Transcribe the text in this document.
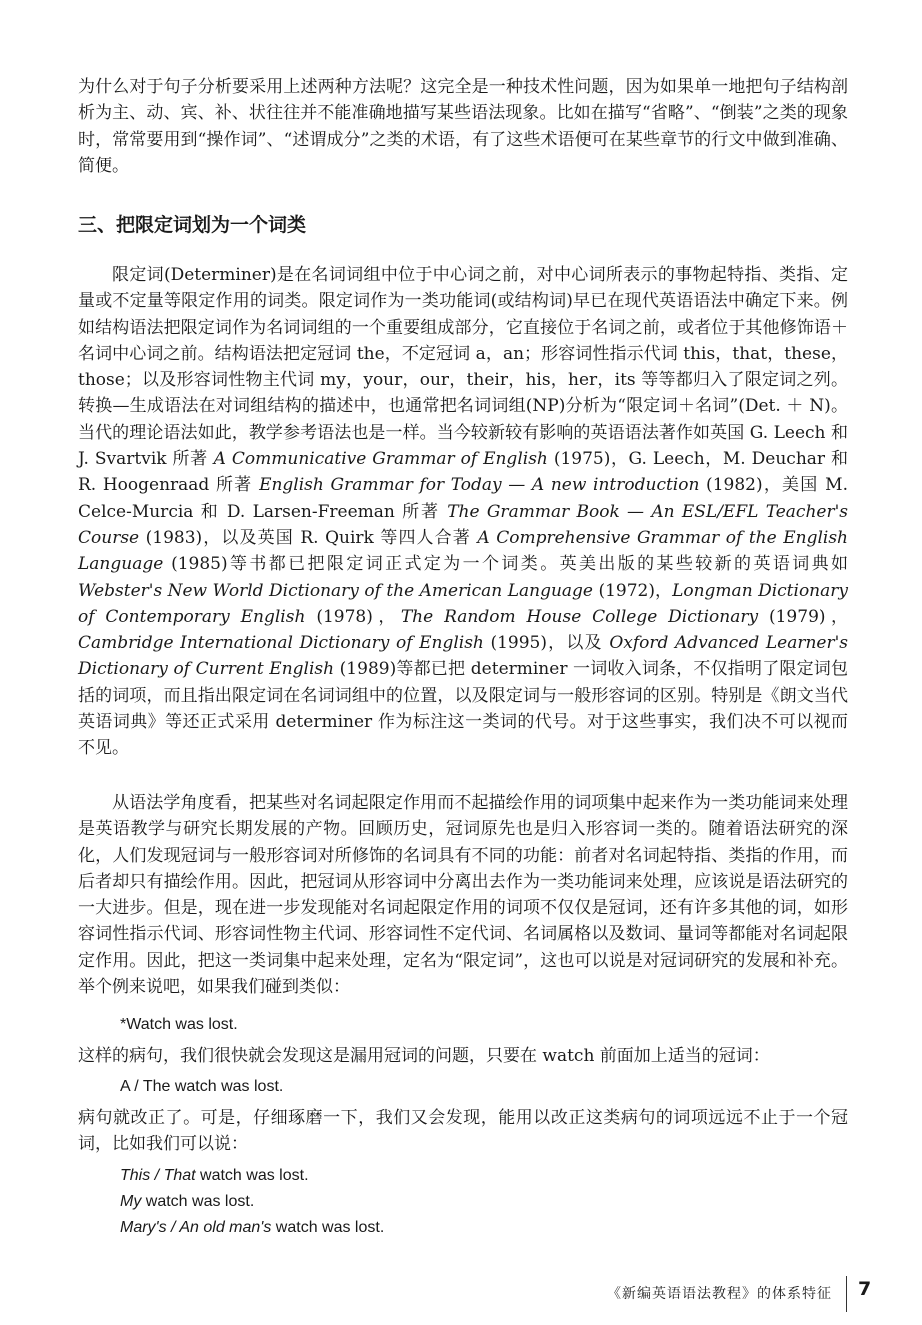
为什么对于句子分析要采用上述两种方法呢？这完全是一种技术性问题，因为如果单一地把句子结构剖析为主、动、宾、补、状往往并不能准确地描写某些语法现象。比如在描写“省略”、“倒装”之类的现象时，常常要用到“操作词”、“述谓成分”之类的术语，有了这些术语便可在某些章节的行文中做到准确、简便。

三、把限定词划为一个词类

限定词(Determiner)是在名词词组中位于中心词之前，对中心词所表示的事物起特指、类指、定量或不定量等限定作用的词类。限定词作为一类功能词(或结构词)早已在现代英语语法中确定下来。例如结构语法把限定词作为名词词组的一个重要组成部分，它直接位于名词之前，或者位于其他修饰语＋名词中心词之前。结构语法把定冠词 the，不定冠词 a，an；形容词性指示代词 this，that，these，those；以及形容词性物主代词 my，your，our，their，his，her，its 等等都归入了限定词之列。转换—生成语法在对词组结构的描述中，也通常把名词词组(NP)分析为“限定词＋名词”(Det. ＋ N)。当代的理论语法如此，教学参考语法也是一样。当今较新较有影响的英语语法著作如英国 G. Leech 和 J. Svartvik 所著 A Communicative Grammar of English (1975)，G. Leech，M. Deuchar 和 R. Hoogenraad 所著 English Grammar for Today — A new introduction (1982)，美国 M. Celce-Murcia 和 D. Larsen-Freeman 所著 The Grammar Book — An ESL/EFL Teacher's Course (1983)，以及英国 R. Quirk 等四人合著 A Comprehensive Grammar of the English Language (1985)等书都已把限定词正式定为一个词类。英美出版的某些较新的英语词典如 Webster's New World Dictionary of the American Language (1972)，Longman Dictionary of Contemporary English (1978)，The Random House College Dictionary (1979)，Cambridge International Dictionary of English (1995)，以及 Oxford Advanced Learner's Dictionary of Current English (1989)等都已把 determiner 一词收入词条，不仅指明了限定词包括的词项，而且指出限定词在名词词组中的位置，以及限定词与一般形容词的区别。特别是《朗文当代英语词典》等还正式采用 determiner 作为标注这一类词的代号。对于这些事实，我们决不可以视而不见。

从语法学角度看，把某些对名词起限定作用而不起描绘作用的词项集中起来作为一类功能词来处理是英语教学与研究长期发展的产物。回顾历史，冠词原先也是归入形容词一类的。随着语法研究的深化，人们发现冠词与一般形容词对所修饰的名词具有不同的功能：前者对名词起特指、类指的作用，而后者却只有描绘作用。因此，把冠词从形容词中分离出去作为一类功能词来处理，应该说是语法研究的一大进步。但是，现在进一步发现能对名词起限定作用的词项不仅仅是冠词，还有许多其他的词，如形容词性指示代词、形容词性物主代词、形容词性不定代词、名词属格以及数词、量词等都能对名词起限定作用。因此，把这一类词集中起来处理，定名为“限定词”，这也可以说是对冠词研究的发展和补充。举个例来说吧，如果我们碰到类似：

*Watch was lost.

这样的病句，我们很快就会发现这是漏用冠词的问题，只要在 watch 前面加上适当的冠词：

A / The watch was lost.

病句就改正了。可是，仔细琢磨一下，我们又会发现，能用以改正这类病句的词项远远不止于一个冠词，比如我们可以说：

This / That watch was lost.

My watch was lost.

Mary's / An old man's watch was lost.

《新编英语语法教程》的体系特征 7
